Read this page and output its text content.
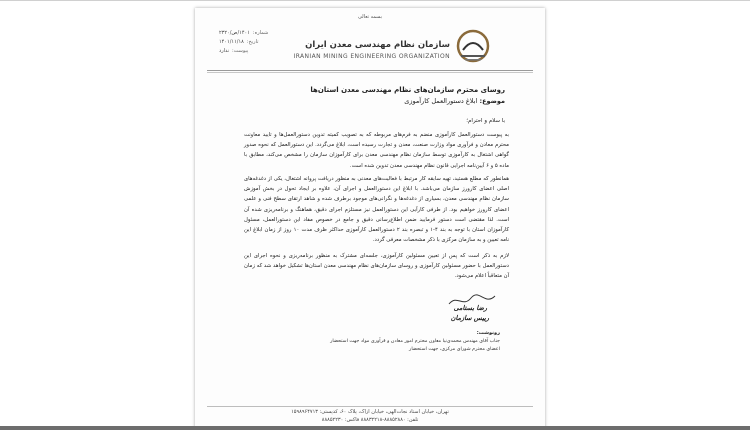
بسمه تعالی
سازمان نظام مهندسی معدن ایران
IRANIAN MINING ENGINEERING ORGANIZATION
شماره:۱۴۰۱/ص/۲۳۲۰
تاریخ:۱۴۰۱/۱۱/۱۸
پیوست:ندارد
روسای محترم سازمان‌های نظام مهندسی معدن استان‌ها
موضوع: ابلاغ دستورالعمل کارآموزی
با سلام و احترام؛
به پیوست دستورالعمل کارآموزی منضم به فرم‌های مربوطه که به تصویب کمیته تدوین دستورالعمل‌ها و تایید معاونت محترم معادن و فرآوری مواد وزارت صنعت، معدن و تجارت رسیده است، ابلاغ می‌گردد. این دستورالعمل که نحوه صدور گواهی اشتغال به کارآموزی توسط سازمان نظام مهندسی معدن برای کارآموزان سازمان را مشخص می‌کند، مطابق با ماده ۵ و ۶ آیین‌نامه اجرایی قانون نظام مهندسی معدن تدوین شده است.
همانطور که مطلع هستید، تهیه سابقه کار مرتبط با فعالیت‌های معدنی به منظور دریافت پروانه اشتغال، یکی از دغدغه‌های اصلی اعضای کارورز سازمان می‌باشد. با ابلاغ این دستورالعمل و اجرای آن، علاوه بر ایجاد تحول در بخش آموزش سازمان نظام مهندسی معدن، بسیاری از دغدغه‌ها و نگرانی‌های موجود برطرف شده و شاهد ارتقای سطح فنی و علمی اعضای کارورز خواهیم بود. از طرفی کارآیی این دستورالعمل نیز مستلزم اجرای دقیق، هماهنگ و برنامه‌ریزی شده آن است. لذا مقتضی است دستور فرمایید ضمن اطلاع‌رسانی دقیق و جامع در خصوص مفاد این دستورالعمل، مسئول کارآموزان استان با توجه به بند ۴-۱ و تبصره بند ۲ دستورالعمل کارآموزی حداکثر ظرف مدت ۱۰ روز از زمان ابلاغ این نامه تعیین و به سازمان مرکزی با ذکر مشخصات معرفی گردد.
لازم به ذکر است که پس از تعیین مسئولین کارآموزی، جلسه‌ای مشترک به منظور برنامه‌ریزی و نحوه اجرای این دستورالعمل با حضور مسئولین کارآموزی و روسای سازمان‌های نظام مهندسی معدن استان‌ها تشکیل خواهد شد که زمان آن متعاقباً اعلام می‌شود.
رضا بستامی
رییس سازمان
رونوشت:
جناب آقای مهندس محمدی‌نیا معاون محترم امور معادن و فرآوری مواد جهت استحضار
اعضای محترم شورای مرکزی، جهت استحضار
تهران، خیابان استاد نجات‌الهی، خیابان ازاک، پلاک ۶۰، کدپستی: ۱۵۹۸۹۶۴۷۱۳
تلفن: ۸۸۸۵۲۸۸۰-۸۸۸۳۲۲۱۸ فاکس: ۸۸۸۵۲۲۳۰
